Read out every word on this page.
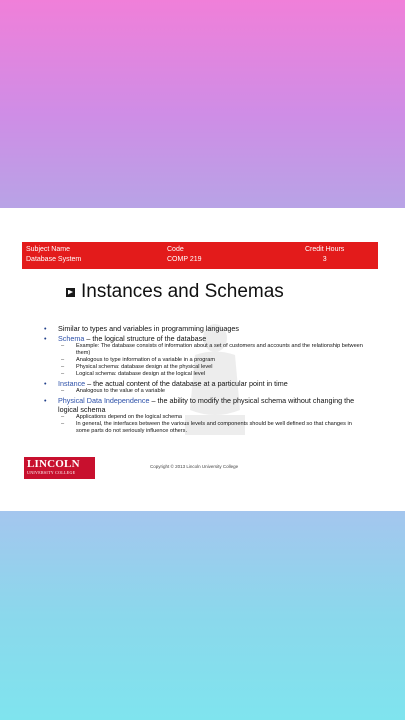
Subject Name
Database System
Code
COMP 219
Credit Hours
3
Instances and Schemas
• Similar to types and variables in programming languages
• Schema – the logical structure of the database
– Example: The database consists of information about a set of customers and accounts and the relationship between them)
– Analogous to type information of a variable in a program
– Physical schema: database design at the physical level
– Logical schema: database design at the logical level
• Instance – the actual content of the database at a particular point in time
– Analogous to the value of a variable
• Physical Data Independence – the ability to modify the physical schema without changing the logical schema
– Applications depend on the logical schema
– In general, the interfaces between the various levels and components should be well defined so that changes in some parts do not seriously influence others.
LINCOLN
UNIVERSITY COLLEGE
Copyright © 2013 Lincoln University College
